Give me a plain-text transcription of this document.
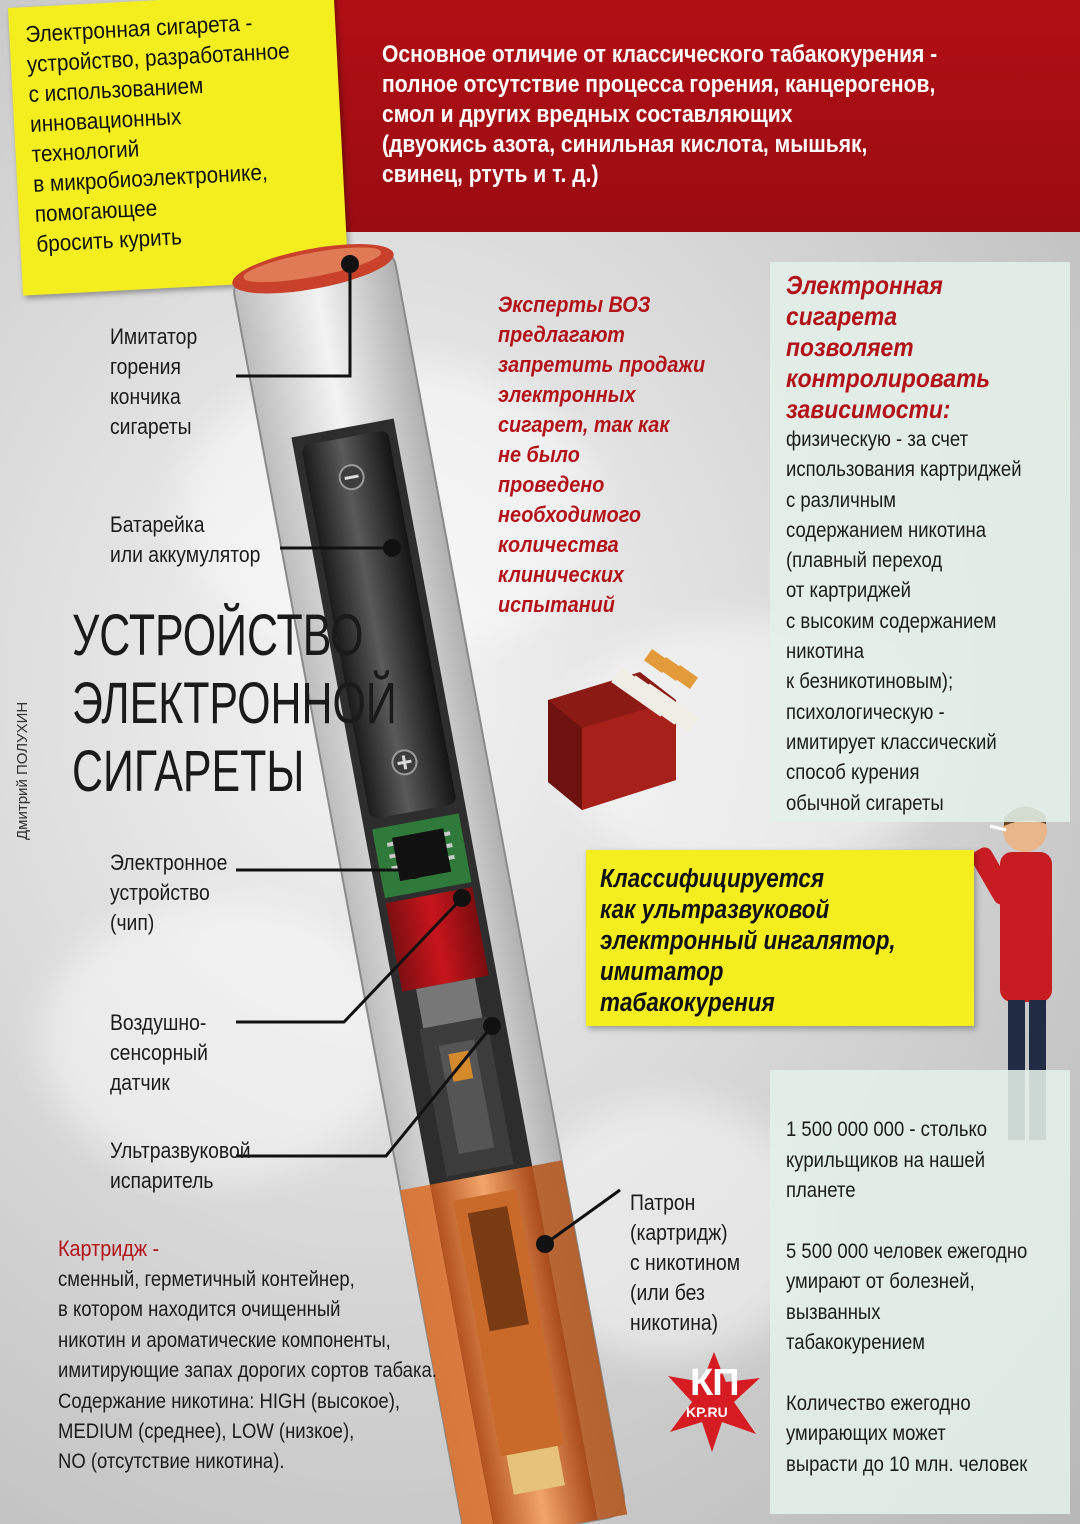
Основное отличие от классического табакокурения -
полное отсутствие процесса горения, канцерогенов,
смол и других вредных составляющих
(двуокись азота, синильная кислота, мышьяк,
свинец, ртуть и т. д.)
Электронная сигарета -
устройство, разработанное
с использованием
инновационных
технологий
в микробиоэлектронике,
помогающее
бросить курить
Имитатор
горения
кончика
сигареты
Батарейка
или аккумулятор
Электронное
устройство
(чип)
Воздушно-
сенсорный
датчик
Ультразвуковой
испаритель
Патрон
(картридж)
с никотином
(или без
никотина)
УСТРОЙСТВО
ЭЛЕКТРОННОЙ
СИГАРЕТЫ
Дмитрий ПОЛУХИН
Эксперты ВОЗ
предлагают
запретить продажи
электронных
сигарет, так как
не было
проведено
необходимого
количества
клинических
испытаний
Электронная
сигарета
позволяет
контролировать
зависимости:
физическую - за счет
использования картриджей
с различным
содержанием никотина
(плавный переход
от картриджей
с высоким содержанием
никотина
к безникотиновым);
психологическую -
имитирует классический
способ курения
обычной сигареты
Классифицируется
как ультразвуковой
электронный ингалятор,
имитатор
табакокурения

1 500 000 000 - столько
курильщиков на нашей
планете

5 500 000 человек ежегодно
умирают от болезней,
вызванных
табакокурением

Количество ежегодно
умирающих может
вырасти до 10 млн. человек

Картридж -
сменный, герметичный контейнер,
в котором находится очищенный
никотин и ароматические компоненты,
имитирующие запах дорогих сортов табака.
Содержание никотина: HIGH (высокое),
MEDIUM (среднее), LOW (низкое),
NO (отсутствие никотина).
КП
KP.RU
